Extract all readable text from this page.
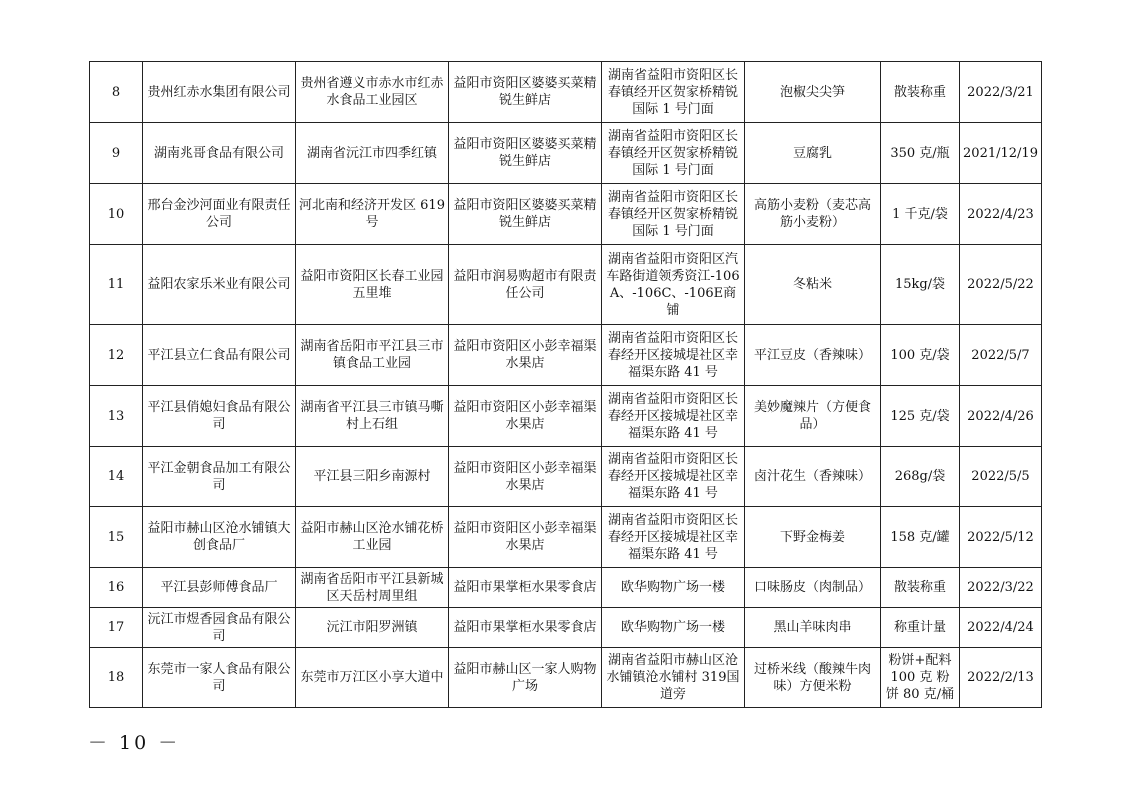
8	贵州红赤水集团有限公司	贵州省遵义市赤水市红赤水食品工业园区	益阳市资阳区婆婆买菜精锐生鲜店	湖南省益阳市资阳区长春镇经开区贺家桥精锐国际 1 号门面	泡椒尖尖笋	散装称重	2022/3/21
9	湖南兆哥食品有限公司	湖南省沅江市四季红镇	益阳市资阳区婆婆买菜精锐生鲜店	湖南省益阳市资阳区长春镇经开区贺家桥精锐国际 1 号门面	豆腐乳	350 克/瓶	2021/12/19
10	邢台金沙河面业有限责任公司	河北南和经济开发区 619号	益阳市资阳区婆婆买菜精锐生鲜店	湖南省益阳市资阳区长春镇经开区贺家桥精锐国际 1 号门面	高筋小麦粉（麦芯高筋小麦粉）	1 千克/袋	2022/4/23
11	益阳农家乐米业有限公司	益阳市资阳区长春工业园五里堆	益阳市润易购超市有限责任公司	湖南省益阳市资阳区汽车路街道领秀资江-106A、-106C、-106E商铺	冬粘米	15kg/袋	2022/5/22
12	平江县立仁食品有限公司	湖南省岳阳市平江县三市镇食品工业园	益阳市资阳区小彭幸福渠水果店	湖南省益阳市资阳区长春经开区接城堤社区幸福渠东路 41 号	平江豆皮（香辣味）	100 克/袋	2022/5/7
13	平江县俏媳妇食品有限公司	湖南省平江县三市镇马嘶村上石组	益阳市资阳区小彭幸福渠水果店	湖南省益阳市资阳区长春经开区接城堤社区幸福渠东路 41 号	美妙魔辣片（方便食品）	125 克/袋	2022/4/26
14	平江金朝食品加工有限公司	平江县三阳乡南源村	益阳市资阳区小彭幸福渠水果店	湖南省益阳市资阳区长春经开区接城堤社区幸福渠东路 41 号	卤汁花生（香辣味）	268g/袋	2022/5/5
15	益阳市赫山区沧水铺镇大创食品厂	益阳市赫山区沧水铺花桥工业园	益阳市资阳区小彭幸福渠水果店	湖南省益阳市资阳区长春经开区接城堤社区幸福渠东路 41 号	下野金梅姜	158 克/罐	2022/5/12
16	平江县彭师傅食品厂	湖南省岳阳市平江县新城区天岳村周里组	益阳市果掌柜水果零食店	欧华购物广场一楼	口味肠皮（肉制品）	散装称重	2022/3/22
17	沅江市煜香园食品有限公司	沅江市阳罗洲镇	益阳市果掌柜水果零食店	欧华购物广场一楼	黑山羊味肉串	称重计量	2022/4/24
18	东莞市一家人食品有限公司	东莞市万江区小享大道中	益阳市赫山区一家人购物广场	湖南省益阳市赫山区沧水铺镇沧水铺村 319国道旁	过桥米线（酸辣牛肉味）方便米粉	粉饼+配料 100 克 粉饼 80 克/桶	2022/2/13
－ 10 －
